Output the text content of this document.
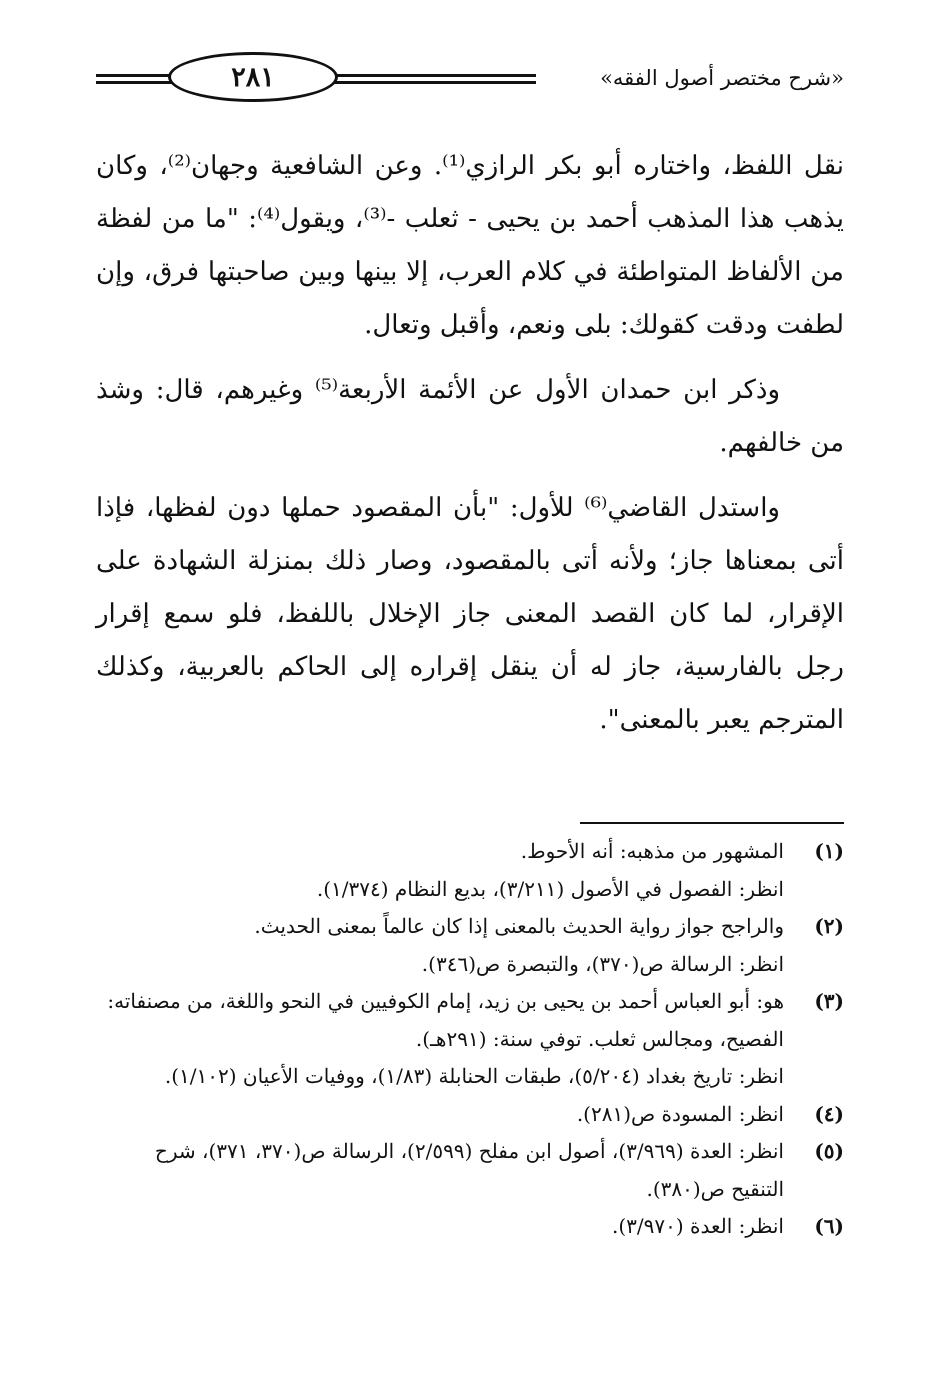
٢٨١	«شرح مختصر أصول الفقه»

نقل اللفظ، واختاره أبو بكر الرازي⁽¹⁾. وعن الشافعية وجهان⁽²⁾، وكان يذهب هذا المذهب أحمد بن يحيى - ثعلب -⁽³⁾، ويقول⁽⁴⁾: "ما من لفظة من الألفاظ المتواطئة في كلام العرب، إلا بينها وبين صاحبتها فرق، وإن لطفت ودقت كقولك: بلى ونعم، وأقبل وتعال.

وذكر ابن حمدان الأول عن الأئمة الأربعة⁽⁵⁾ وغيرهم، قال: وشذ من خالفهم.

واستدل القاضي⁽⁶⁾ للأول: "بأن المقصود حملها دون لفظها، فإذا أتى بمعناها جاز؛ ولأنه أتى بالمقصود، وصار ذلك بمنزلة الشهادة على الإقرار، لما كان القصد المعنى جاز الإخلال باللفظ، فلو سمع إقرار رجل بالفارسية، جاز له أن ينقل إقراره إلى الحاكم بالعربية، وكذلك المترجم يعبر بالمعنى".

(١)
المشهور من مذهبه: أنه الأحوط.
انظر: الفصول في الأصول (٣/٢١١)، بديع النظام (١/٣٧٤).
(٢)
والراجح جواز رواية الحديث بالمعنى إذا كان عالماً بمعنى الحديث.
انظر: الرسالة ص(٣٧٠)، والتبصرة ص(٣٤٦).
(٣)
هو: أبو العباس أحمد بن يحيى بن زيد، إمام الكوفيين في النحو واللغة، من مصنفاته: الفصيح، ومجالس ثعلب. توفي سنة: (٢٩١هـ).
انظر: تاريخ بغداد (٥/٢٠٤)، طبقات الحنابلة (١/٨٣)، ووفيات الأعيان (١/١٠٢).
(٤)
انظر: المسودة ص(٢٨١).
(٥)
انظر: العدة (٣/٩٦٩)، أصول ابن مفلح (٢/٥٩٩)، الرسالة ص(٣٧٠، ٣٧١)، شرح التنقيح ص(٣٨٠).
(٦)
انظر: العدة (٣/٩٧٠).
